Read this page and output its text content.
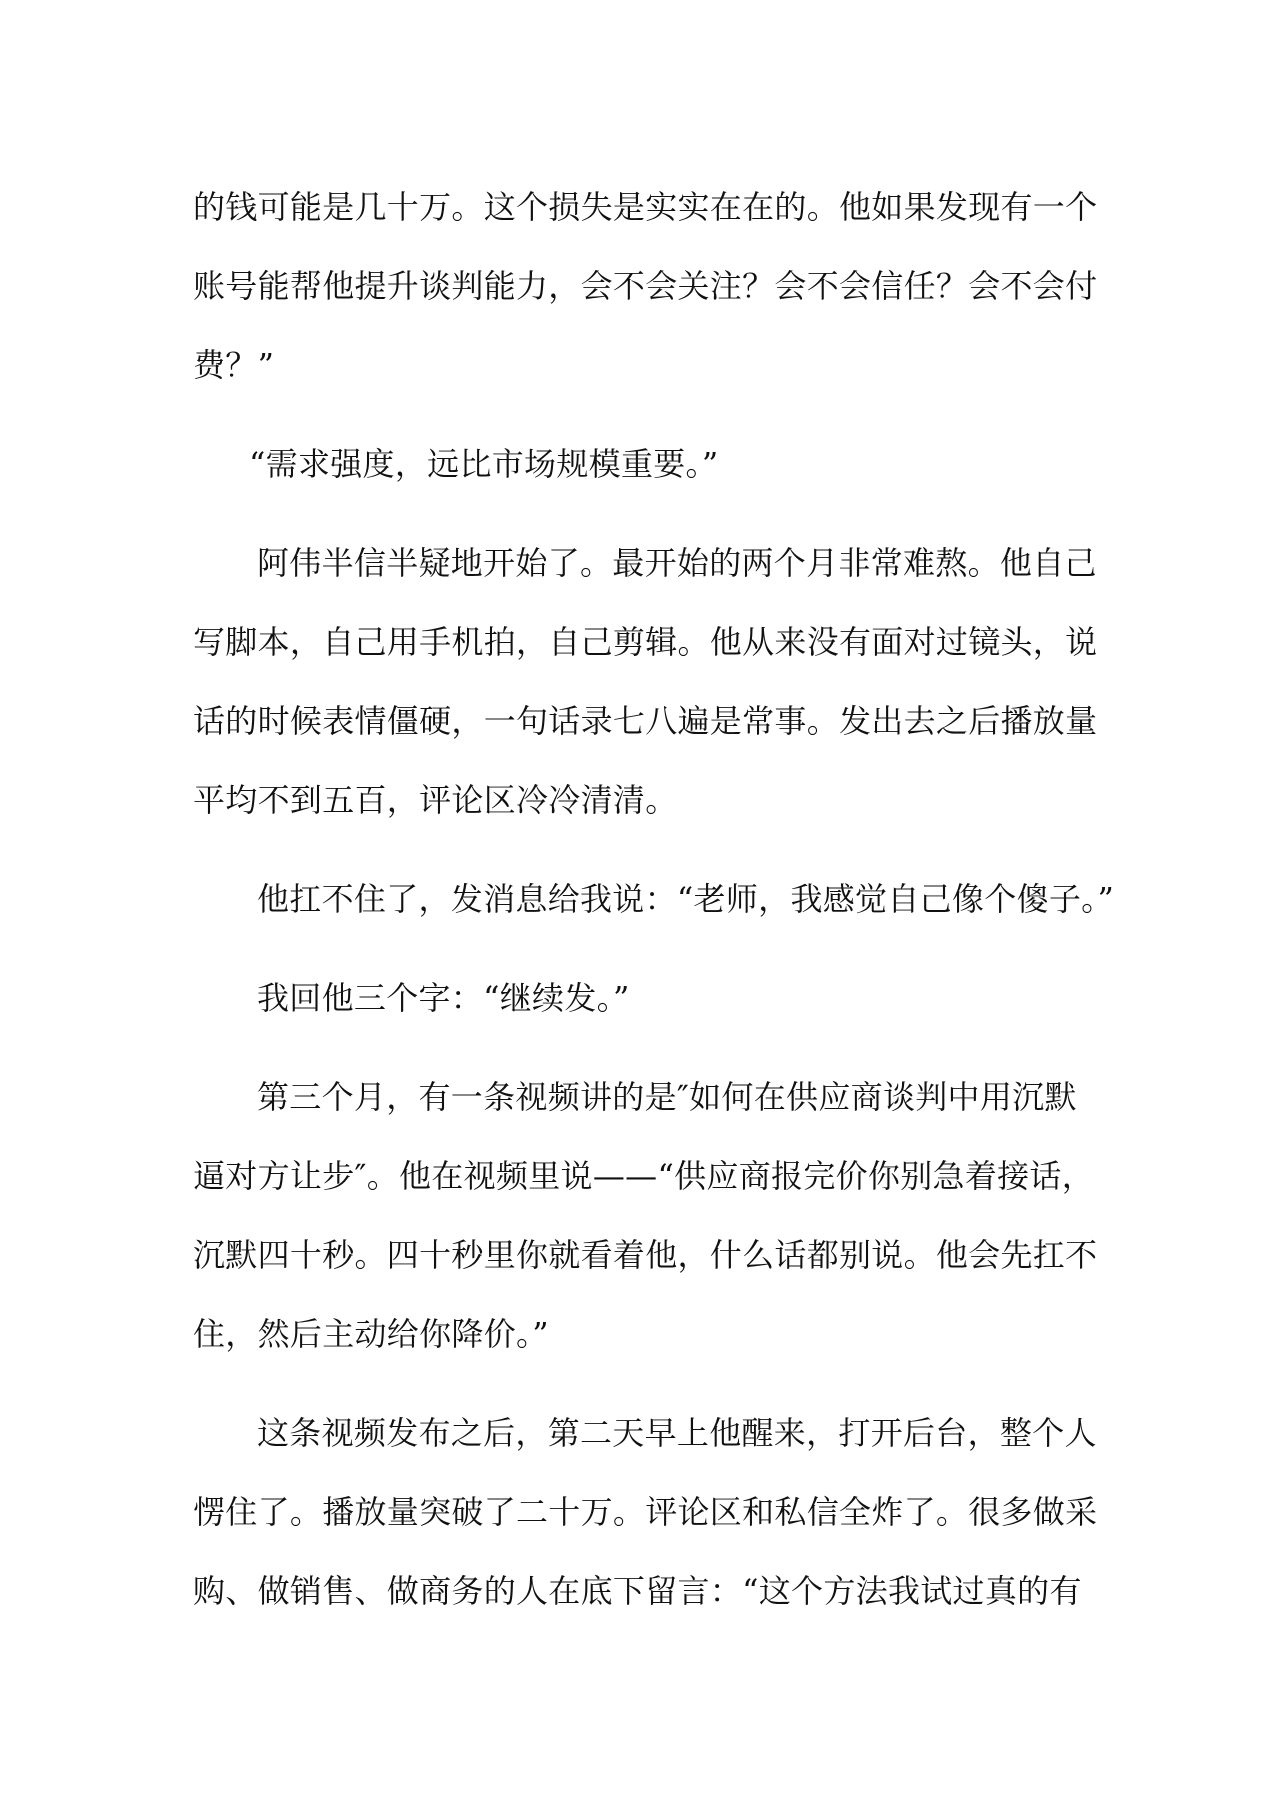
的钱可能是几十万。这个损失是实实在在的。他如果发现有一个
账号能帮他提升谈判能力，会不会关注？会不会信任？会不会付
费？”
“需求强度，远比市场规模重要。”
阿伟半信半疑地开始了。最开始的两个月非常难熬。他自己
写脚本，自己用手机拍，自己剪辑。他从来没有面对过镜头，说
话的时候表情僵硬，一句话录七八遍是常事。发出去之后播放量
平均不到五百，评论区冷冷清清。
他扛不住了，发消息给我说：“老师，我感觉自己像个傻子。”
我回他三个字：“继续发。”
第三个月，有一条视频讲的是″如何在供应商谈判中用沉默
逼对方让步″。他在视频里说——“供应商报完价你别急着接话，
沉默四十秒。四十秒里你就看着他，什么话都别说。他会先扛不
住，然后主动给你降价。”
这条视频发布之后，第二天早上他醒来，打开后台，整个人
愣住了。播放量突破了二十万。评论区和私信全炸了。很多做采
购、做销售、做商务的人在底下留言：“这个方法我试过真的有
